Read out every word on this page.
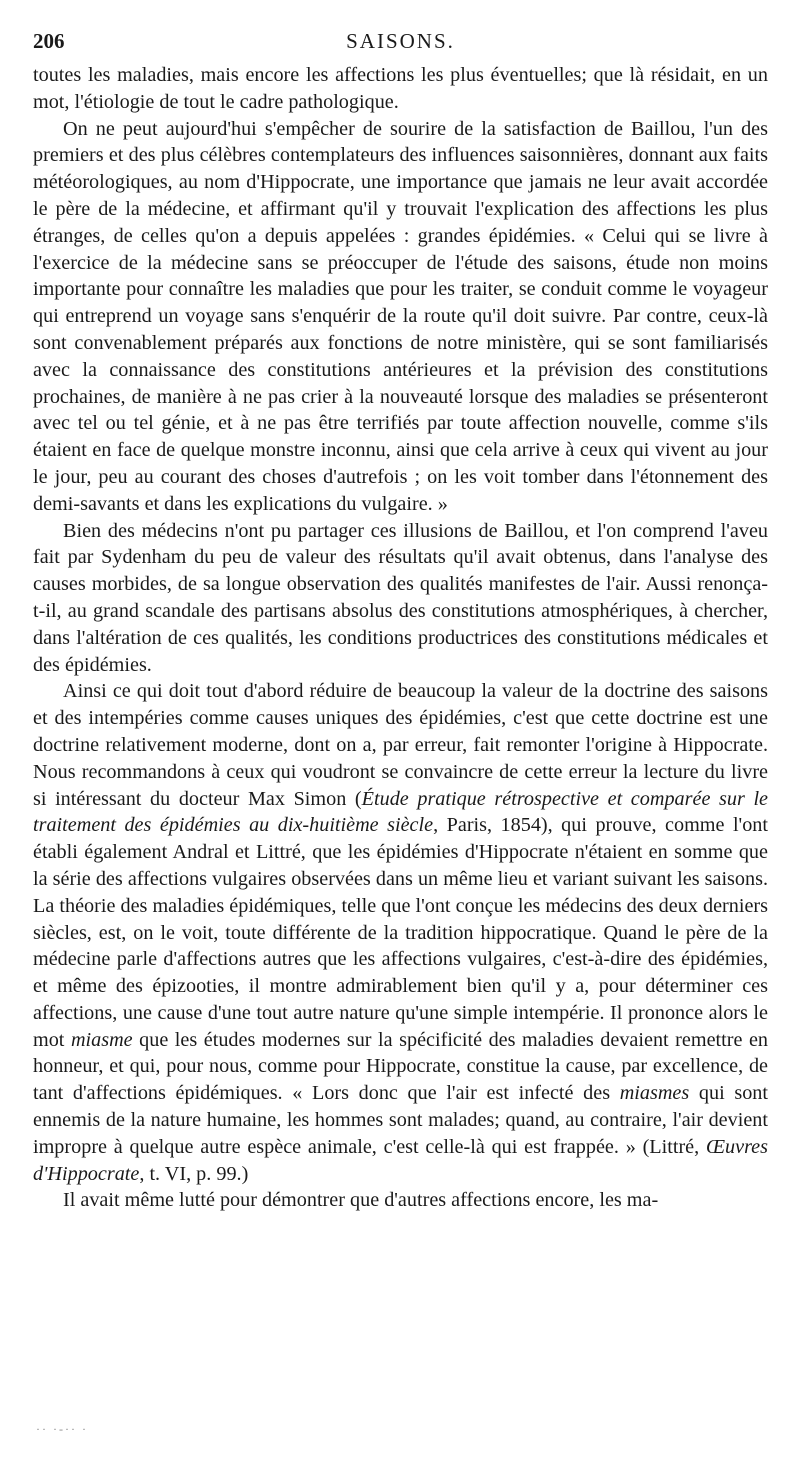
206	SAISONS.

toutes les maladies, mais encore les affections les plus éventuelles; que là résidait, en un mot, l'étiologie de tout le cadre pathologique.

On ne peut aujourd'hui s'empêcher de sourire de la satisfaction de Baillou, l'un des premiers et des plus célèbres contemplateurs des influences saisonnières, donnant aux faits météorologiques, au nom d'Hippocrate, une importance que jamais ne leur avait accordée le père de la médecine, et affirmant qu'il y trouvait l'explication des affections les plus étranges, de celles qu'on a depuis appelées : grandes épidémies. « Celui qui se livre à l'exercice de la médecine sans se préoccuper de l'étude des saisons, étude non moins importante pour connaître les maladies que pour les traiter, se conduit comme le voyageur qui entreprend un voyage sans s'enquérir de la route qu'il doit suivre. Par contre, ceux-là sont convenablement préparés aux fonctions de notre ministère, qui se sont familiarisés avec la connaissance des constitutions antérieures et la prévision des constitutions prochaines, de manière à ne pas crier à la nouveauté lorsque des maladies se présenteront avec tel ou tel génie, et à ne pas être terrifiés par toute affection nouvelle, comme s'ils étaient en face de quelque monstre inconnu, ainsi que cela arrive à ceux qui vivent au jour le jour, peu au courant des choses d'autrefois ; on les voit tomber dans l'étonnement des demi-savants et dans les explications du vulgaire. »

Bien des médecins n'ont pu partager ces illusions de Baillou, et l'on comprend l'aveu fait par Sydenham du peu de valeur des résultats qu'il avait obtenus, dans l'analyse des causes morbides, de sa longue observation des qualités manifestes de l'air. Aussi renonça-t-il, au grand scandale des partisans absolus des constitutions atmosphériques, à chercher, dans l'altération de ces qualités, les conditions productrices des constitutions médicales et des épidémies.

Ainsi ce qui doit tout d'abord réduire de beaucoup la valeur de la doctrine des saisons et des intempéries comme causes uniques des épidémies, c'est que cette doctrine est une doctrine relativement moderne, dont on a, par erreur, fait remonter l'origine à Hippocrate. Nous recommandons à ceux qui voudront se convaincre de cette erreur la lecture du livre si intéressant du docteur Max Simon (Étude pratique rétrospective et comparée sur le traitement des épidémies au dix-huitième siècle, Paris, 1854), qui prouve, comme l'ont établi également Andral et Littré, que les épidémies d'Hippocrate n'étaient en somme que la série des affections vulgaires observées dans un même lieu et variant suivant les saisons. La théorie des maladies épidémiques, telle que l'ont conçue les médecins des deux derniers siècles, est, on le voit, toute différente de la tradition hippocratique. Quand le père de la médecine parle d'affections autres que les affections vulgaires, c'est-à-dire des épidémies, et même des épizooties, il montre admirablement bien qu'il y a, pour déterminer ces affections, une cause d'une tout autre nature qu'une simple intempérie. Il prononce alors le mot miasme que les études modernes sur la spécificité des maladies devaient remettre en honneur, et qui, pour nous, comme pour Hippocrate, constitue la cause, par excellence, de tant d'affections épidémiques. « Lors donc que l'air est infecté des miasmes qui sont ennemis de la nature humaine, les hommes sont malades; quand, au contraire, l'air devient impropre à quelque autre espèce animale, c'est celle-là qui est frappée. » (Littré, Œuvres d'Hippocrate, t. VI, p. 99.)

Il avait même lutté pour démontrer que d'autres affections encore, les ma-

·· ·-·· ·
